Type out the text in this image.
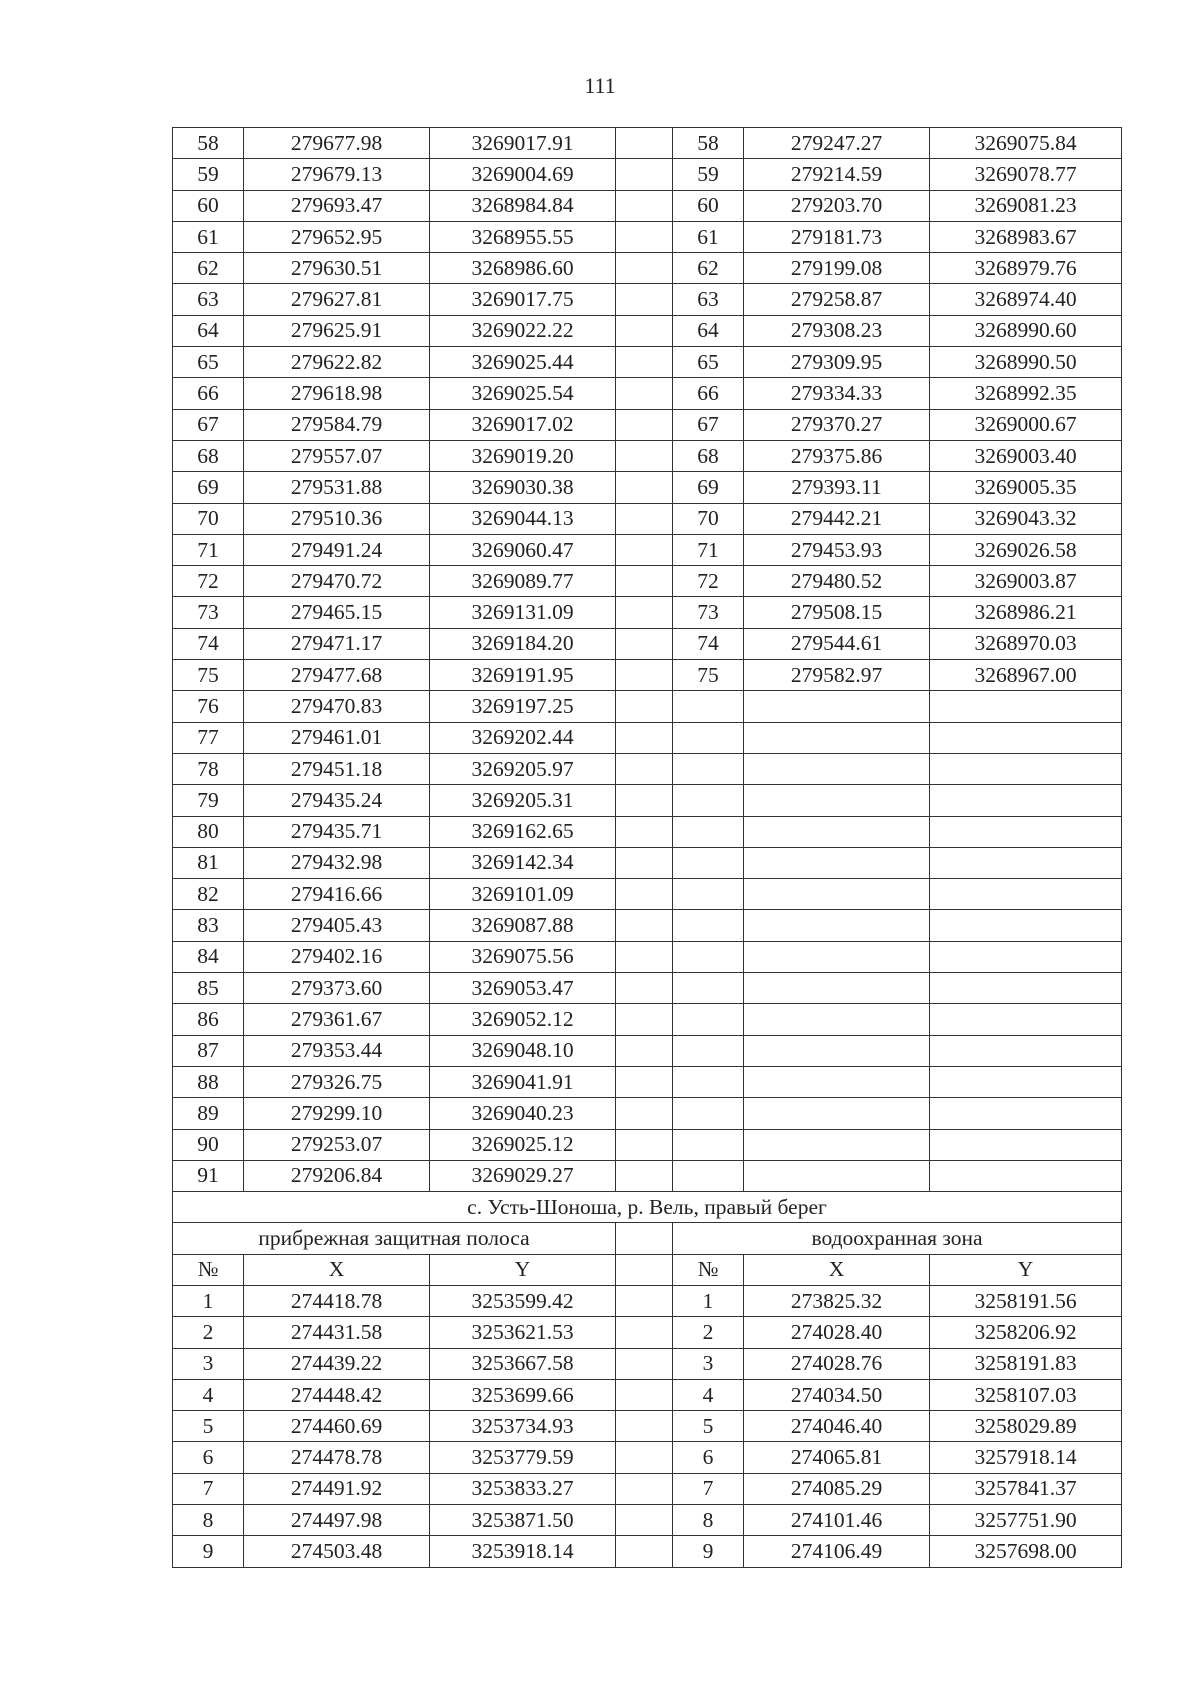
111
58	279677.98	3269017.91		58	279247.27	3269075.84
59	279679.13	3269004.69		59	279214.59	3269078.77
60	279693.47	3268984.84		60	279203.70	3269081.23
61	279652.95	3268955.55		61	279181.73	3268983.67
62	279630.51	3268986.60		62	279199.08	3268979.76
63	279627.81	3269017.75		63	279258.87	3268974.40
64	279625.91	3269022.22		64	279308.23	3268990.60
65	279622.82	3269025.44		65	279309.95	3268990.50
66	279618.98	3269025.54		66	279334.33	3268992.35
67	279584.79	3269017.02		67	279370.27	3269000.67
68	279557.07	3269019.20		68	279375.86	3269003.40
69	279531.88	3269030.38		69	279393.11	3269005.35
70	279510.36	3269044.13		70	279442.21	3269043.32
71	279491.24	3269060.47		71	279453.93	3269026.58
72	279470.72	3269089.77		72	279480.52	3269003.87
73	279465.15	3269131.09		73	279508.15	3268986.21
74	279471.17	3269184.20		74	279544.61	3268970.03
75	279477.68	3269191.95		75	279582.97	3268967.00
76	279470.83	3269197.25				
77	279461.01	3269202.44				
78	279451.18	3269205.97				
79	279435.24	3269205.31				
80	279435.71	3269162.65				
81	279432.98	3269142.34				
82	279416.66	3269101.09				
83	279405.43	3269087.88				
84	279402.16	3269075.56				
85	279373.60	3269053.47				
86	279361.67	3269052.12				
87	279353.44	3269048.10				
88	279326.75	3269041.91				
89	279299.10	3269040.23				
90	279253.07	3269025.12				
91	279206.84	3269029.27				
с. Усть-Шоноша, р. Вель, правый берег						
прибрежная защитная полоса				водоохранная зона		
№	X	Y		№	X	Y
1	274418.78	3253599.42		1	273825.32	3258191.56
2	274431.58	3253621.53		2	274028.40	3258206.92
3	274439.22	3253667.58		3	274028.76	3258191.83
4	274448.42	3253699.66		4	274034.50	3258107.03
5	274460.69	3253734.93		5	274046.40	3258029.89
6	274478.78	3253779.59		6	274065.81	3257918.14
7	274491.92	3253833.27		7	274085.29	3257841.37
8	274497.98	3253871.50		8	274101.46	3257751.90
9	274503.48	3253918.14		9	274106.49	3257698.00
